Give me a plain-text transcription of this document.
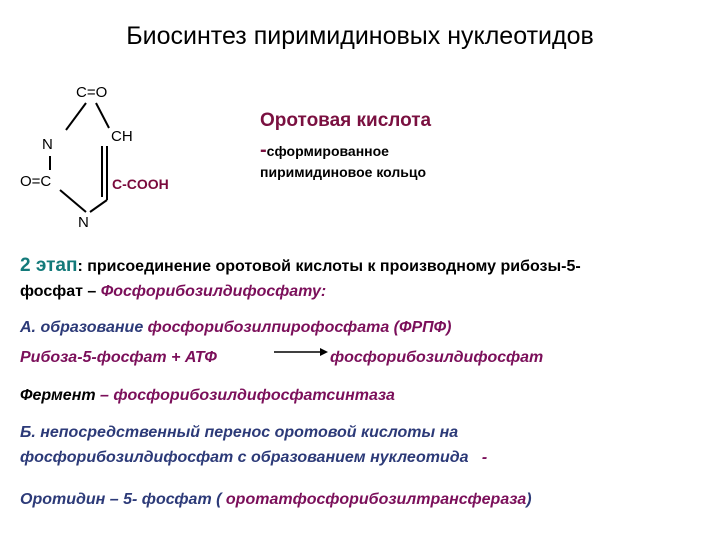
Биосинтез пиримидиновых нуклеотидов
C=O
N	CH
O=C	C-COOH
N
Оротовая кислота
-сформированное
пиримидиновое кольцо
2 этап: присоединение оротовой кислоты к производному рибозы-5-
фосфат – Фосфорибозилдифосфату:
А. образование фосфорибозилпирофосфата (ФРПФ)
Рибоза-5-фосфат + АТФ	фосфорибозилдифосфат
Фермент – фосфорибозилдифосфатсинтаза
Б. непосредственный перенос оротовой кислоты на
фосфорибозилдифосфат с образованием нуклеотида -
Оротидин – 5- фосфат ( оротатфосфорибозилтрансфераза)
